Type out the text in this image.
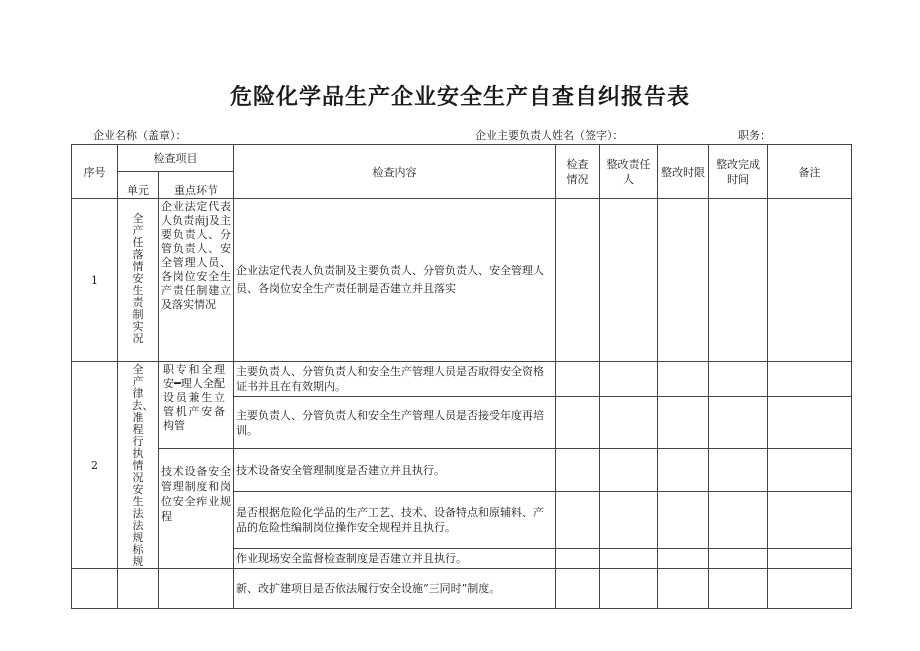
危险化学品生产企业安全生产自查自纠报告表
企业名称（盖章）：	企业主要负责人姓名（签字）：	职务：
序号	检查项目		检查内容	检查情况	整改责任人	整改时限	整改完成时间	备注
	单元	重点环节						
1	全产任落情安生责制实况	企业法定代表人负责南j及主要负责人、分管负责人、安全管理人员、各岗位安全生产责任制建立及落实情况	企业法定代表人负责制及主要负责人、分管负责人、安全管理人员、各岗位安全生产责任制是否建立并且落实					
2	全产律去、准程行执情况安生法法规标规	职专和全理安━理人全配设员兼生立管机产安备构管	主要负责人、分管负责人和安全生产管理人员是否取得安全资格证书并且在有效期内。					
			主要负责人、分管负责人和安全生产管理人员是否接受年度再培训。					

		技术设备安全管理制度和岗位安全痄业规程	技术设备安全管理制度是否建立并且执行。					
			是否根据危险化学品的生产工艺、技术、设备特点和原辅料、产品的危险性编制岗位操作安全规程并且执行。					
			作业现场安全监督检查制度是否建立并且执行。					
			新、改扩建项目是否依法履行安全设施“三同时”制度。					
